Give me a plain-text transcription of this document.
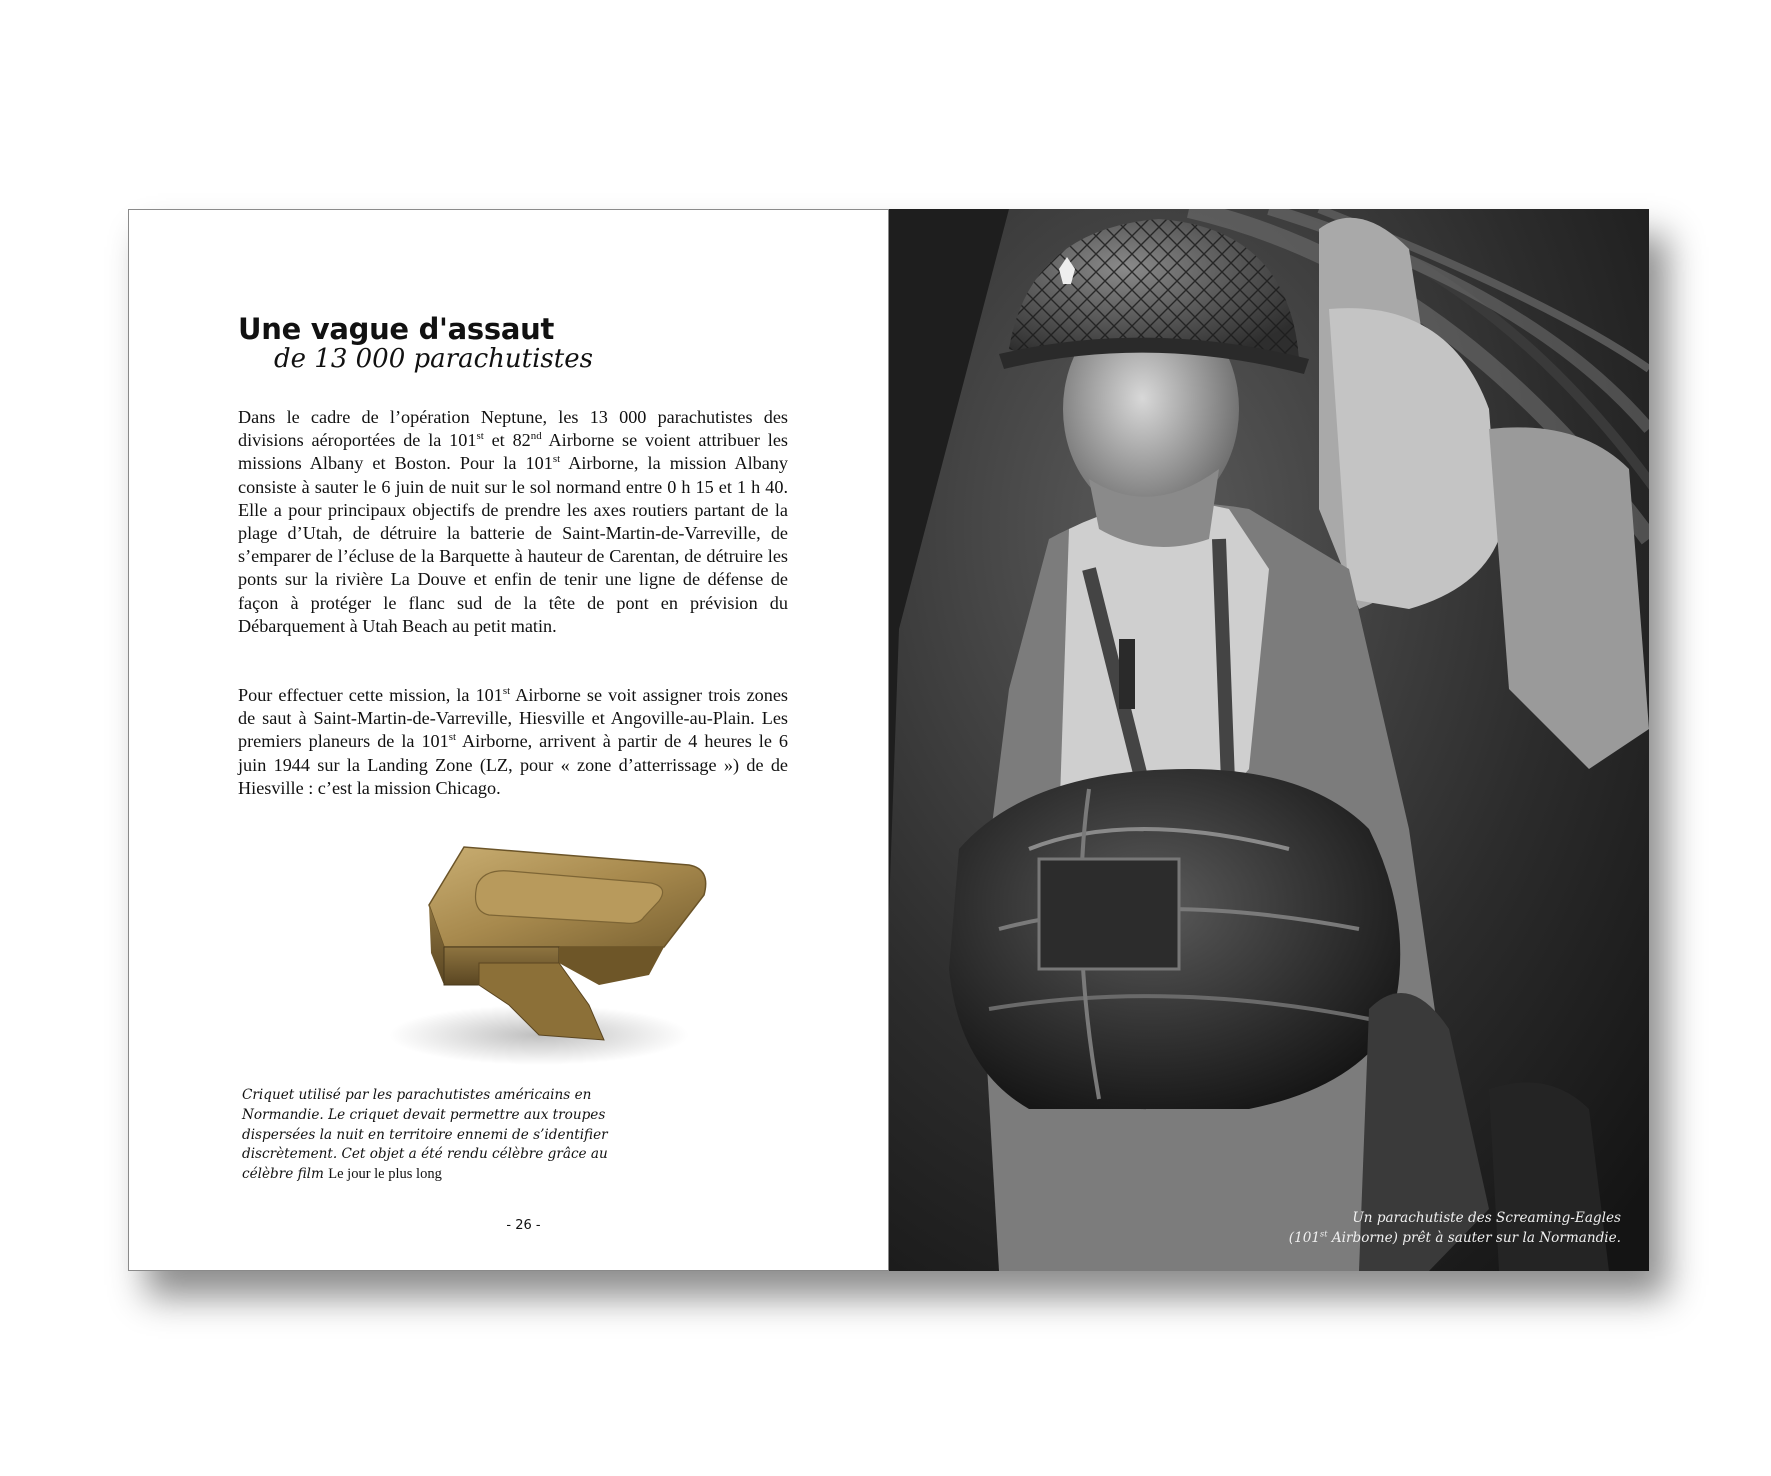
Une vague d'assaut
de 13 000 parachutistes

Dans le cadre de l’opération Neptune, les 13 000 parachutistes des divisions aéroportées de la 101st et 82nd Airborne se voient attribuer les missions Albany et Boston. Pour la 101st Airborne, la mission Albany consiste à sauter le 6 juin de nuit sur le sol normand entre 0 h 15 et 1 h 40. Elle a pour principaux objectifs de prendre les axes routiers partant de la plage d’Utah, de détruire la batterie de Saint-Martin-de-Varreville, de s’emparer de l’écluse de la Barquette à hauteur de Carentan, de détruire les ponts sur la rivière La Douve et enfin de tenir une ligne de défense de façon à protéger le flanc sud de la tête de pont en prévision du Débarquement à Utah Beach au petit matin.

Pour effectuer cette mission, la 101st Airborne se voit assigner trois zones de saut à Saint-Martin-de-Varreville, Hiesville et Angoville-au-Plain. Les premiers planeurs de la 101st Airborne, arrivent à partir de 4 heures le 6 juin 1944 sur la Landing Zone (LZ, pour « zone d’atterrissage ») de de Hiesville : c’est la mission Chicago.

Criquet utilisé par les parachutistes américains en Normandie. Le criquet devait permettre aux troupes dispersées la nuit en territoire ennemi de s’identifier discrètement. Cet objet a été rendu célèbre grâce au célèbre film Le jour le plus long

- 26 -	Un parachutiste des Screaming-Eagles
(101st Airborne) prêt à sauter sur la Normandie.
